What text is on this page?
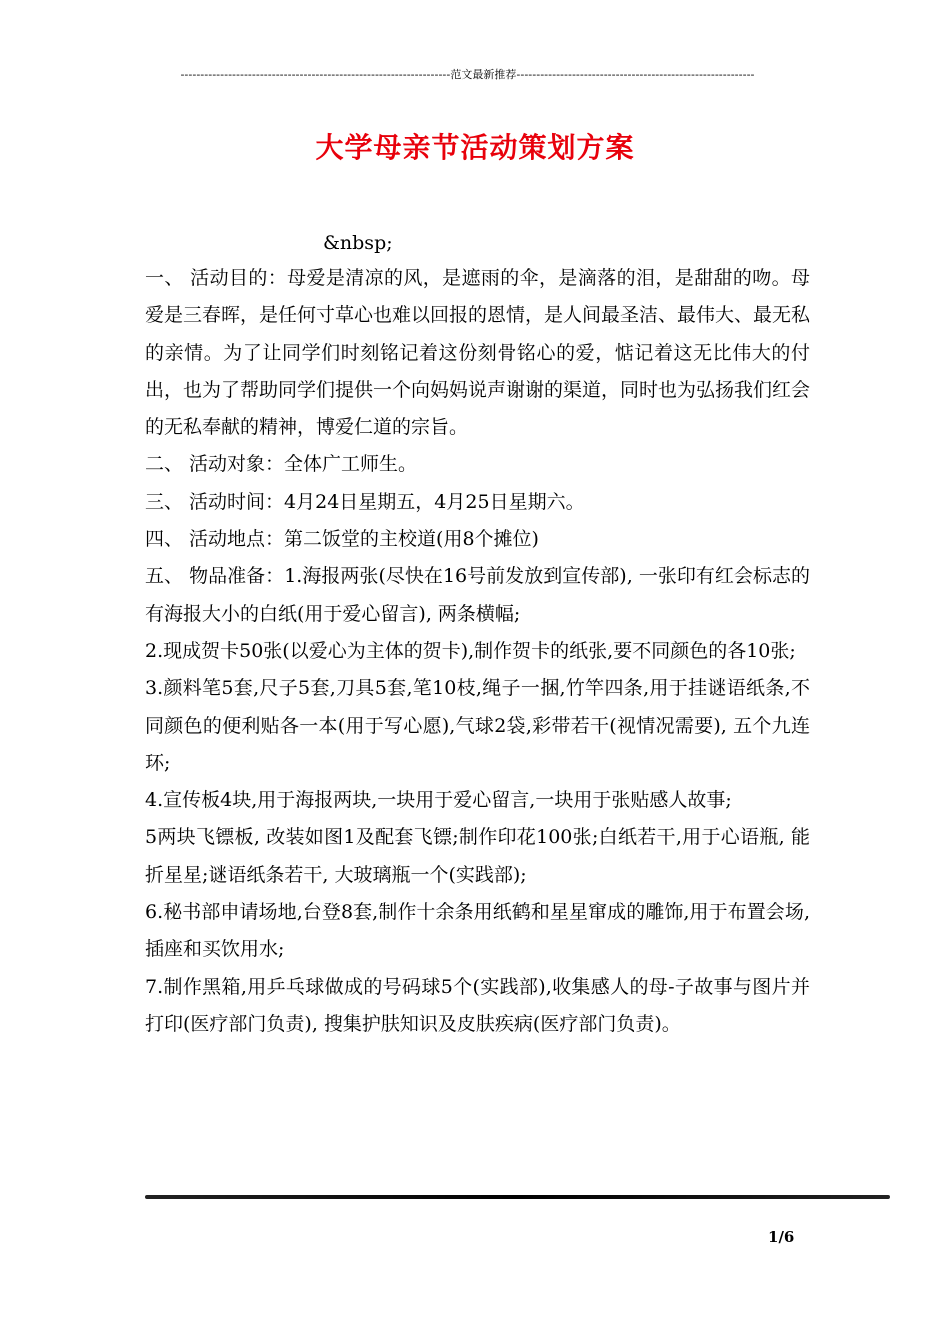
--------------------------------------------------------------------范文最新推荐------------------------------------------------------------
大学母亲节活动策划方案
&nbsp;

一、 活动目的：母爱是清凉的风，是遮雨的伞，是滴落的泪，是甜甜的吻。母爱是三春晖，是任何寸草心也难以回报的恩情，是人间最圣洁、最伟大、最无私的亲情。为了让同学们时刻铭记着这份刻骨铭心的爱，惦记着这无比伟大的付出，也为了帮助同学们提供一个向妈妈说声谢谢的渠道，同时也为弘扬我们红会的无私奉献的精神，博爱仁道的宗旨。

二、 活动对象：全体广工师生。

三、 活动时间：4月24日星期五，4月25日星期六。

四、 活动地点：第二饭堂的主校道(用8个摊位)

五、 物品准备：1.海报两张(尽快在16号前发放到宣传部), 一张印有红会标志的有海报大小的白纸(用于爱心留言), 两条横幅;

2.现成贺卡50张(以爱心为主体的贺卡),制作贺卡的纸张,要不同颜色的各10张;

3.颜料笔5套,尺子5套,刀具5套,笔10枝,绳子一捆,竹竿四条,用于挂谜语纸条,不同颜色的便利贴各一本(用于写心愿),气球2袋,彩带若干(视情况需要), 五个九连环;

4.宣传板4块,用于海报两块,一块用于爱心留言,一块用于张贴感人故事;

5两块飞镖板, 改装如图1及配套飞镖;制作印花100张;白纸若干,用于心语瓶, 能折星星;谜语纸条若干, 大玻璃瓶一个(实践部);

6.秘书部申请场地,台登8套,制作十余条用纸鹤和星星窜成的雕饰,用于布置会场, 插座和买饮用水;

7.制作黑箱,用乒乓球做成的号码球5个(实践部),收集感人的母-子故事与图片并打印(医疗部门负责), 搜集护肤知识及皮肤疾病(医疗部门负责)。

1/6
